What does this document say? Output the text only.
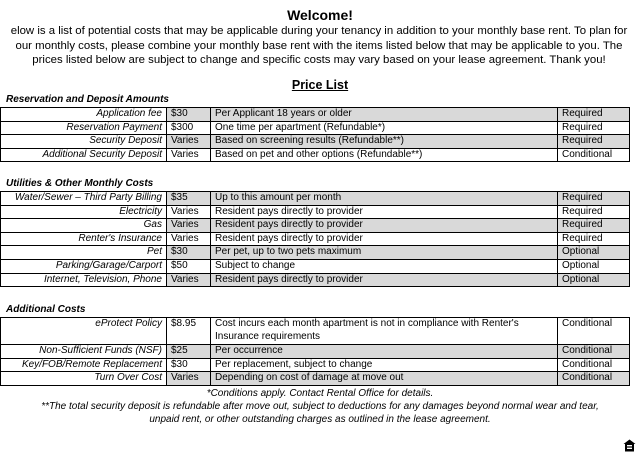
Welcome!
elow is a list of potential costs that may be applicable during your tenancy in addition to your monthly base rent. To plan for
our monthly costs, please combine your monthly base rent with the items listed below that may be applicable to you. The
prices listed below are subject to change and specific costs may vary based on your lease agreement. Thank you!
Price List
Reservation and Deposit Amounts
Application fee	$30	Per Applicant 18 years or older	Required
Reservation Payment	$300	One time per apartment (Refundable*)	Required
Security Deposit	Varies	Based on screening results (Refundable**)	Required
Additional Security Deposit	Varies	Based on pet and other options (Refundable**)	Conditional
Utilities & Other Monthly Costs
Water/Sewer – Third Party Billing	$35	Up to this amount per month	Required
Electricity	Varies	Resident pays directly to provider	Required
Gas	Varies	Resident pays directly to provider	Required
Renter's Insurance	Varies	Resident pays directly to provider	Required
Pet	$30	Per pet, up to two pets maximum	Optional
Parking/Garage/Carport	$50	Subject to change	Optional
Internet, Television, Phone	Varies	Resident pays directly to provider	Optional
Additional Costs
eProtect Policy	$8.95	Cost incurs each month apartment is not in compliance with Renter's Insurance requirements	Conditional
Non-Sufficient Funds (NSF)	$25	Per occurrence	Conditional
Key/FOB/Remote Replacement	$30	Per replacement, subject to change	Conditional
Turn Over Cost	Varies	Depending on cost of damage at move out	Conditional
*Conditions apply. Contact Rental Office for details.
**The total security deposit is refundable after move out, subject to deductions for any damages beyond normal wear and tear,
unpaid rent, or other outstanding charges as outlined in the lease agreement.
